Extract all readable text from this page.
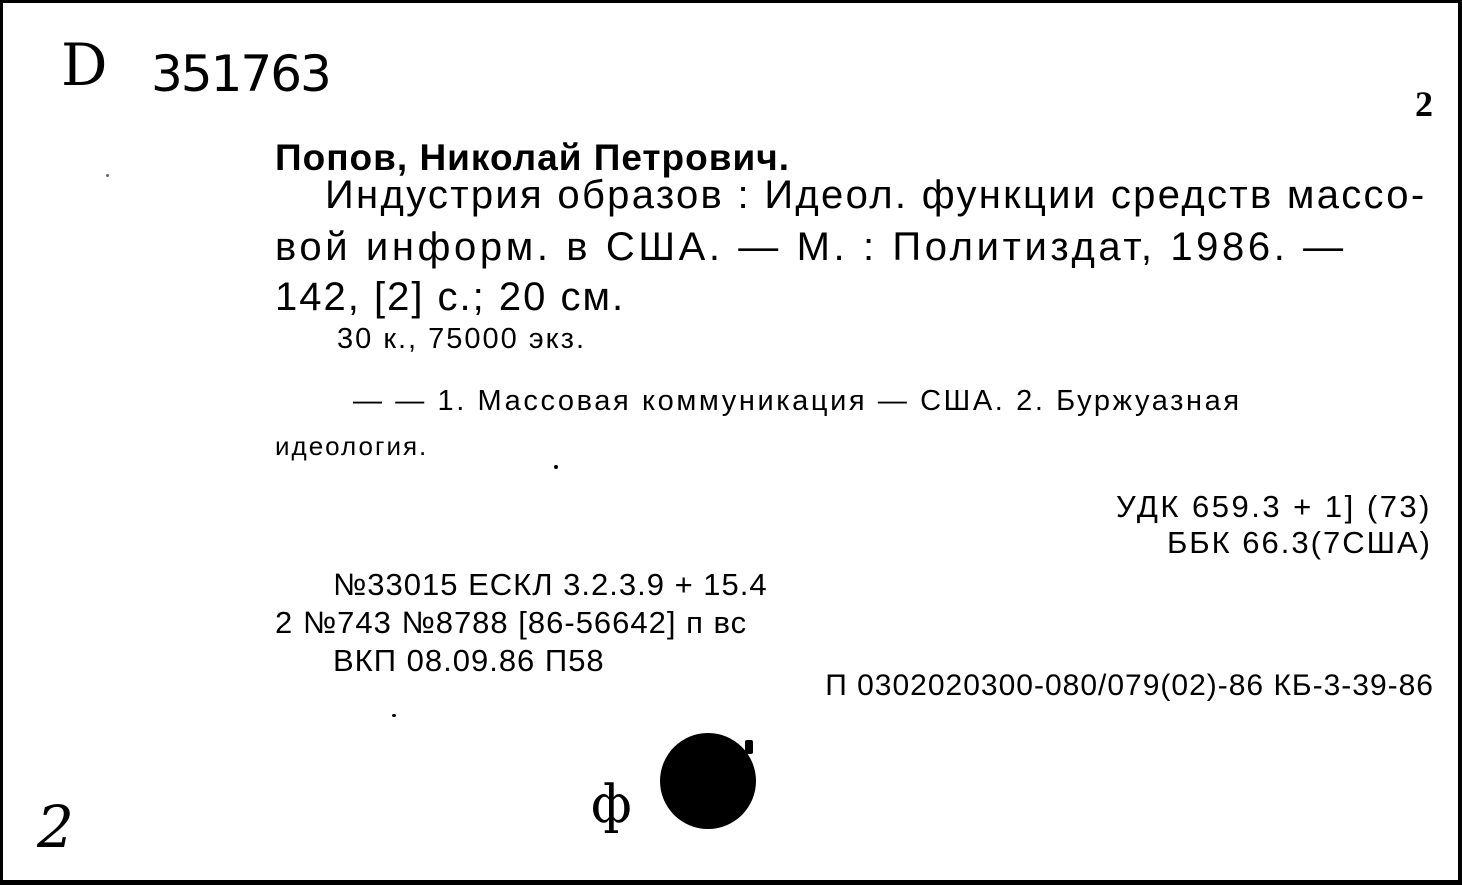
D 351763
2
Попов, Николай Петрович.
Индустрия образов : Идеол. функции средств массо-
вой информ. в США. — М. : Политиздат, 1986. —
142, [2] с.; 20 см.
30 к., 75000 экз.
— — 1. Массовая коммуникация — США. 2. Буржуазная
идеология.
УДК 659.3 + 1] (73)
ББК 66.3(7США)
№33015 ЕСКЛ 3.2.3.9 + 15.4
2 №743 №8788 [86-56642] п вс
ВКП 08.09.86 П58
П 0302020300-080/079(02)-86 КБ-3-39-86
2	ф
